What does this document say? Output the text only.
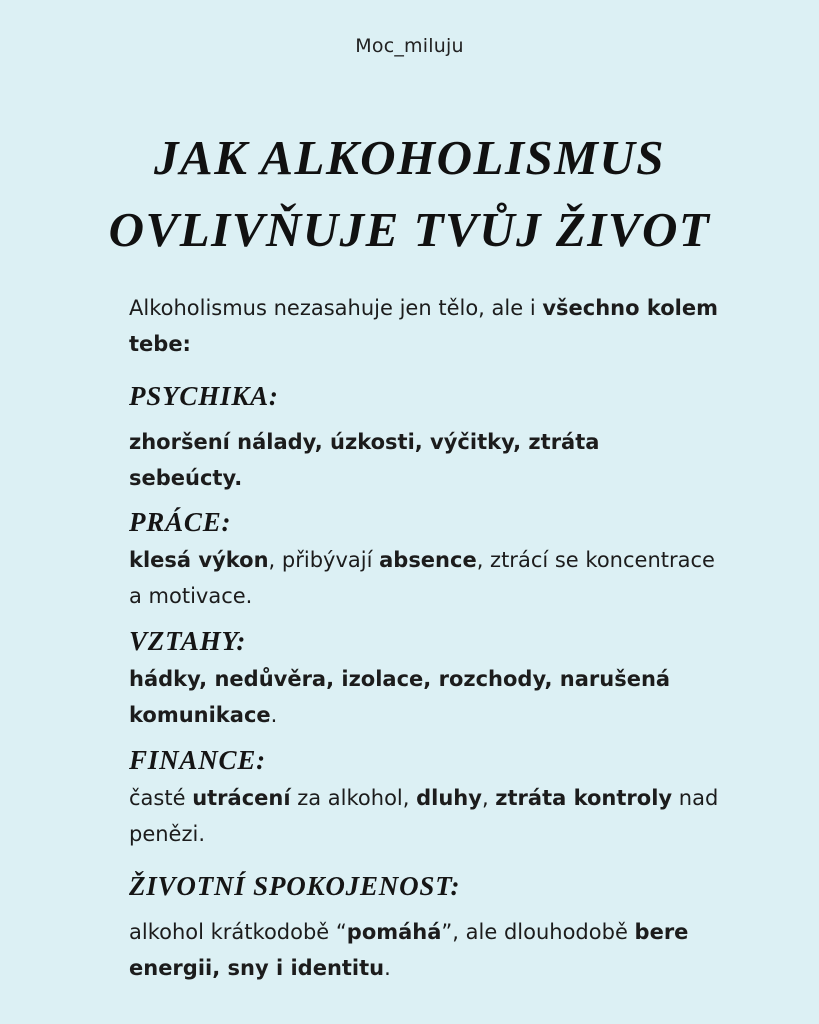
Moc_miluju
JAK ALKOHOLISMUS
OVLIVŇUJE TVŮJ ŽIVOT

Alkoholismus nezasahuje jen tělo, ale i všechno kolem tebe:

PSYCHIKA:

zhoršení nálady, úzkosti, výčitky, ztráta sebeúcty.

PRÁCE:

klesá výkon, přibývají absence, ztrácí se koncentrace a motivace.

VZTAHY:

hádky, nedůvěra, izolace, rozchody, narušená komunikace.

FINANCE:

časté utrácení za alkohol, dluhy, ztráta kontroly nad penězi.

ŽIVOTNÍ SPOKOJENOST:

alkohol krátkodobě “pomáhá”, ale dlouhodobě bere energii, sny i identitu.
